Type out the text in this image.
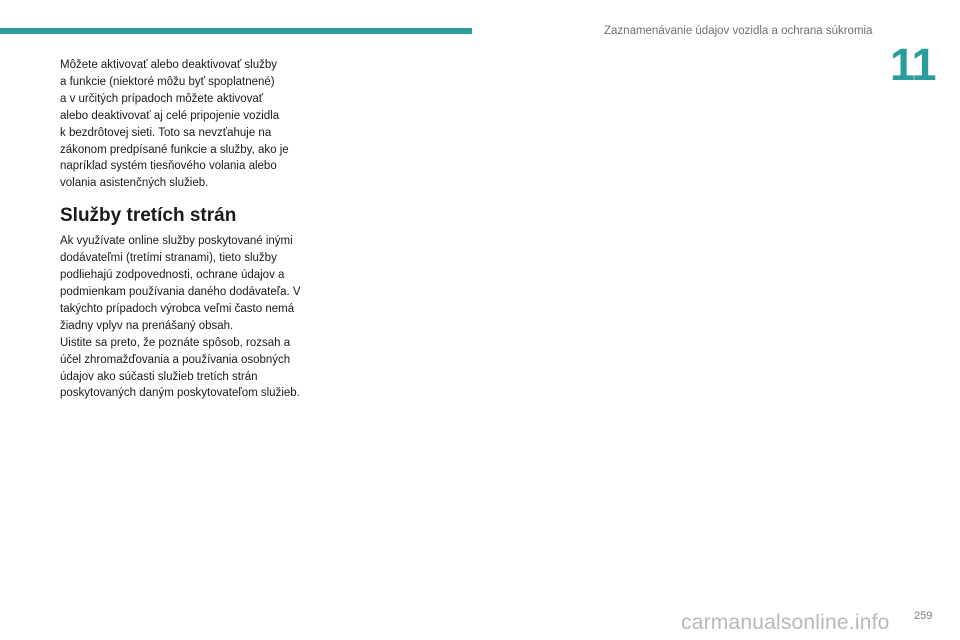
Zaznamenávanie údajov vozidla a ochrana súkromia
11

Môžete aktivovať alebo deaktivovať služby
a funkcie (niektoré môžu byť spoplatnené)
a v určitých prípadoch môžete aktivovať
alebo deaktivovať aj celé pripojenie vozidla
k bezdrôtovej sieti. Toto sa nevzťahuje na
zákonom predpísané funkcie a služby, ako je
napríklad systém tiesňového volania alebo
volania asistenčných služieb.

Služby tretích strán

Ak využívate online služby poskytované inými
dodávateľmi (tretími stranami), tieto služby
podliehajú zodpovednosti, ochrane údajov a
podmienkam používania daného dodávateľa. V
takýchto prípadoch výrobca veľmi často nemá
žiadny vplyv na prenášaný obsah.

Uistite sa preto, že poznáte spôsob, rozsah a
účel zhromažďovania a používania osobných
údajov ako súčasti služieb tretích strán
poskytovaných daným poskytovateľom služieb.

259
carmanualsonline.info
